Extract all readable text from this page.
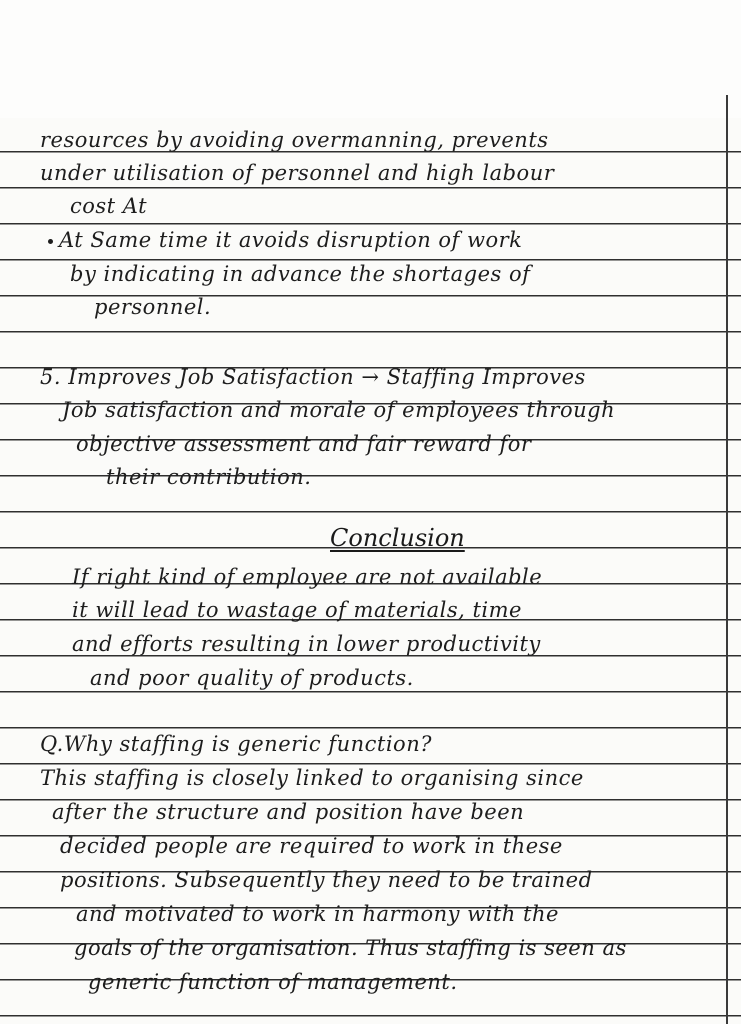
resources by avoiding overmanning, prevents
under utilisation of personnel and high labour
cost At
At Same time it avoids disruption of work
by indicating in advance the shortages of
personnel.
5. Improves Job Satisfaction → Staffing Improves
Job satisfaction and morale of employees through
objective assessment and fair reward for
their contribution.
Conclusion
If right kind of employee are not available
it will lead to wastage of materials, time
and efforts resulting in lower productivity
and poor quality of products.
Q.Why staffing is generic function?
This staffing is closely linked to organising since
after the structure and position have been
decided people are required to work in these
positions. Subsequently they need to be trained
and motivated to work in harmony with the
goals of the organisation. Thus staffing is seen as
generic function of management.
